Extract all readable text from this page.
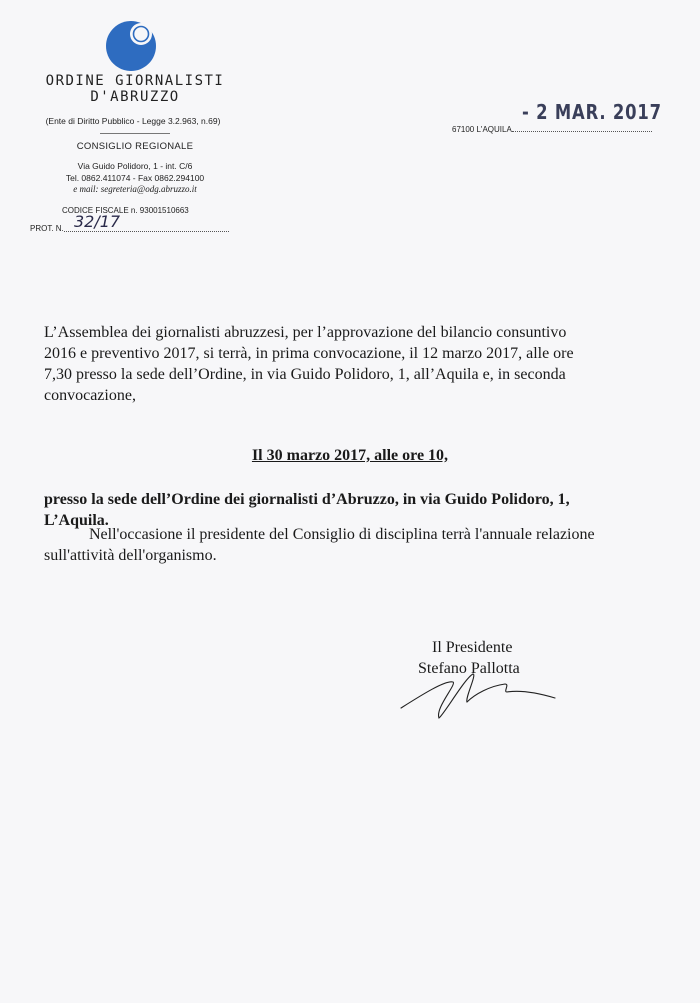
ORDINE GIORNALISTI
D'ABRUZZO
(Ente di Diritto Pubblico - Legge 3.2.963, n.69)
CONSIGLIO REGIONALE
Via Guido Polidoro, 1 - int. C/6
Tel. 0862.411074 - Fax 0862.294100
e mail: segreteria@odg.abruzzo.it
CODICE FISCALE n. 93001510663
PROT. N. 32/17
67100 L'AQUILA
- 2 MAR. 2017
L’Assemblea dei giornalisti abruzzesi, per l’approvazione del bilancio consuntivo
2016 e preventivo 2017, si terrà, in prima convocazione, il 12 marzo 2017, alle ore
7,30 presso la sede dell’Ordine, in via Guido Polidoro, 1, all’Aquila e, in seconda
convocazione,
Il 30 marzo 2017, alle ore 10,
presso la sede dell’Ordine dei giornalisti d’Abruzzo, in via Guido Polidoro, 1,
L’Aquila.
Nell'occasione il presidente del Consiglio di disciplina terrà l'annuale relazione
sull'attività dell'organismo.
Il Presidente
Stefano Pallotta
